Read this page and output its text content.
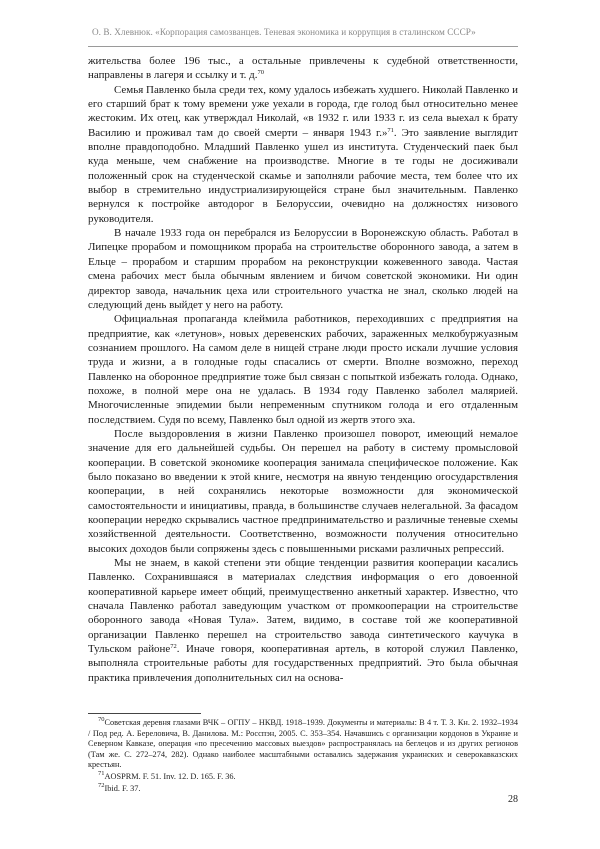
О. В. Хлевнюк. «Корпорация самозванцев. Теневая экономика и коррупция в сталинском СССР»

жительства более 196 тыс., а остальные привлечены к судебной ответственности, направлены в лагеря и ссылку и т. д.$^{70}$

Семья Павленко была среди тех, кому удалось избежать худшего. Николай Павленко и его старший брат к тому времени уже уехали в города, где голод был относительно менее жестоким. Их отец, как утверждал Николай, «в 1932 г. или 1933 г. из села выехал к брату Василию и проживал там до своей смерти – января 1943 г.»$^{71}$. Это заявление выглядит вполне правдоподобно. Младший Павленко ушел из института. Студенческий паек был куда меньше, чем снабжение на производстве. Многие в те годы не досиживали положенный срок на студенческой скамье и заполняли рабочие места, тем более что их выбор в стремительно индустриализирующейся стране был значительным. Павленко вернулся к постройке автодорог в Белоруссии, очевидно на должностях низового руководителя.

В начале 1933 года он перебрался из Белоруссии в Воронежскую область. Работал в Липецке прорабом и помощником прораба на строительстве оборонного завода, а затем в Ельце – прорабом и старшим прорабом на реконструкции кожевенного завода. Частая смена рабочих мест была обычным явлением и бичом советской экономики. Ни один директор завода, начальник цеха или строительного участка не знал, сколько людей на следующий день выйдет у него на работу.

Официальная пропаганда клеймила работников, переходивших с предприятия на предприятие, как «летунов», новых деревенских рабочих, зараженных мелкобуржуазным сознанием прошлого. На самом деле в нищей стране люди просто искали лучшие условия труда и жизни, а в голодные годы спасались от смерти. Вполне возможно, переход Павленко на оборонное предприятие тоже был связан с попыткой избежать голода. Однако, похоже, в полной мере она не удалась. В 1934 году Павленко заболел малярией. Многочисленные эпидемии были непременным спутником голода и его отдаленным последствием. Судя по всему, Павленко был одной из жертв этого эха.

После выздоровления в жизни Павленко произошел поворот, имеющий немалое значение для его дальнейшей судьбы. Он перешел на работу в систему промысловой кооперации. В советской экономике кооперация занимала специфическое положение. Как было показано во введении к этой книге, несмотря на явную тенденцию огосударствления кооперации, в ней сохранялись некоторые возможности для экономической самостоятельности и инициативы, правда, в большинстве случаев нелегальной. За фасадом кооперации нередко скрывались частное предпринимательство и различные теневые схемы хозяйственной деятельности. Соответственно, возможности получения относительно высоких доходов были сопряжены здесь с повышенными рисками различных репрессий.

Мы не знаем, в какой степени эти общие тенденции развития кооперации касались Павленко. Сохранившаяся в материалах следствия информация о его довоенной кооперативной карьере имеет общий, преимущественно анкетный характер. Известно, что сначала Павленко работал заведующим участком от промкооперации на строительстве оборонного завода «Новая Тула». Затем, видимо, в составе той же кооперативной организации Павленко перешел на строительство завода синтетического каучука в Тульском районе$^{72}$. Иначе говоря, кооперативная артель, в которой служил Павленко, выполняла строительные работы для государственных предприятий. Это была обычная практика привлечения дополнительных сил на основа-

$^{70}$Советская деревня глазами ВЧК – ОГПУ – НКВД. 1918–1939. Документы и материалы: В 4 т. Т. 3. Кн. 2. 1932–1934 / Под ред. А. Береловича, В. Данилова. М.: Росспэн, 2005. С. 353–354. Начавшись с организации кордонов в Украине и Северном Кавказе, операция «по пресечению массовых выездов» распространялась на беглецов и из других регионов (Там же. С. 272–274, 282). Однако наиболее масштабными оставались задержания украинских и северокавказских крестьян.

$^{71}$AOSPRM. F. 51. Inv. 12. D. 165. F. 36.

$^{72}$Ibid. F. 37.

28
